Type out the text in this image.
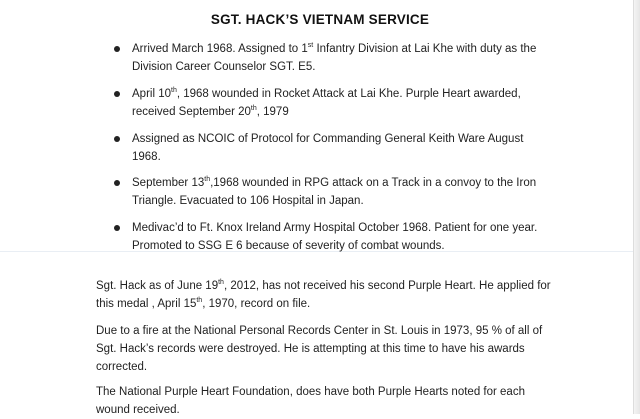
SGT. HACK’S VIETNAM SERVICE
Arrived March 1968. Assigned to 1st Infantry Division at Lai Khe with duty as the
Division Career Counselor SGT. E5.
April 10th, 1968 wounded in Rocket Attack at Lai Khe. Purple Heart awarded,
received September 20th, 1979
Assigned as NCOIC of Protocol for Commanding General Keith Ware August
1968.
September 13th,1968 wounded in RPG attack on a Track in a convoy to the Iron
Triangle. Evacuated to 106 Hospital in Japan.
Medivac’d to Ft. Knox Ireland Army Hospital October 1968. Patient for one year.
Promoted to SSG E 6 because of severity of combat wounds.

Sgt. Hack as of June 19th, 2012, has not received his second Purple Heart. He applied for
this medal , April 15th, 1970, record on file.

Due to a fire at the National Personal Records Center in St. Louis in 1973, 95 % of all of
Sgt. Hack’s records were destroyed. He is attempting at this time to have his awards
corrected.

The National Purple Heart Foundation, does have both Purple Hearts noted for each
wound received.
